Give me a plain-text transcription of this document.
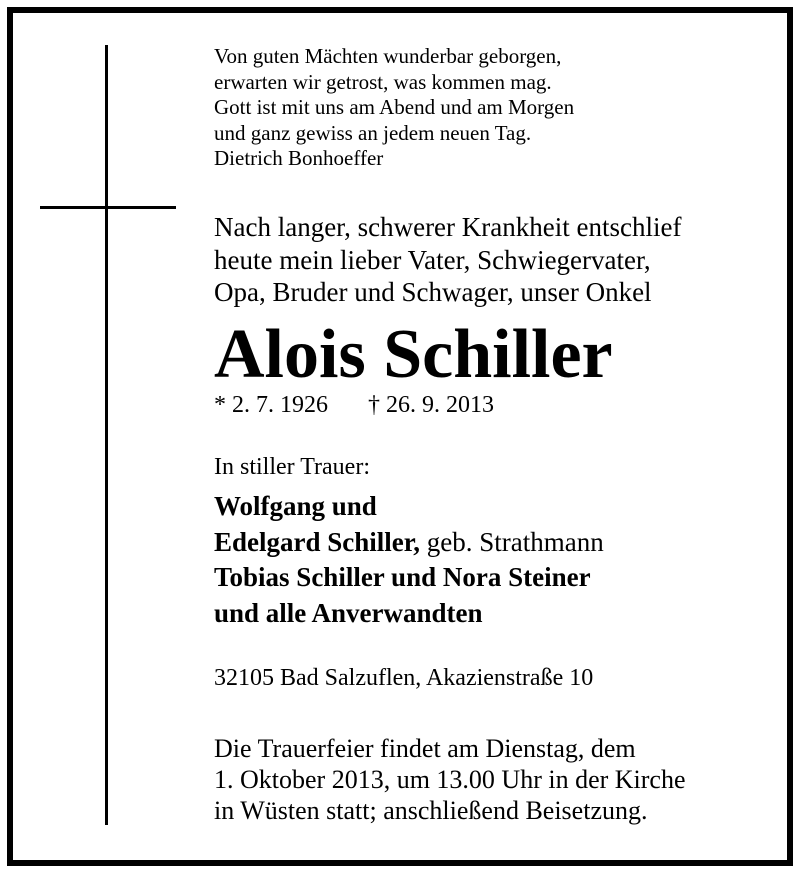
Von guten Mächten wunderbar geborgen,
erwarten wir getrost, was kommen mag.
Gott ist mit uns am Abend und am Morgen
und ganz gewiss an jedem neuen Tag.
Dietrich Bonhoeffer
Nach langer, schwerer Krankheit entschlief
heute mein lieber Vater, Schwiegervater,
Opa, Bruder und Schwager, unser Onkel
Alois Schiller
* 2. 7. 1926 † 26. 9. 2013
In stiller Trauer:
Wolfgang und
Edelgard Schiller, geb. Strathmann
Tobias Schiller und Nora Steiner
und alle Anverwandten
32105 Bad Salzuflen, Akazienstraße 10
Die Trauerfeier findet am Dienstag, dem
1. Oktober 2013, um 13.00 Uhr in der Kirche
in Wüsten statt; anschließend Beisetzung.
